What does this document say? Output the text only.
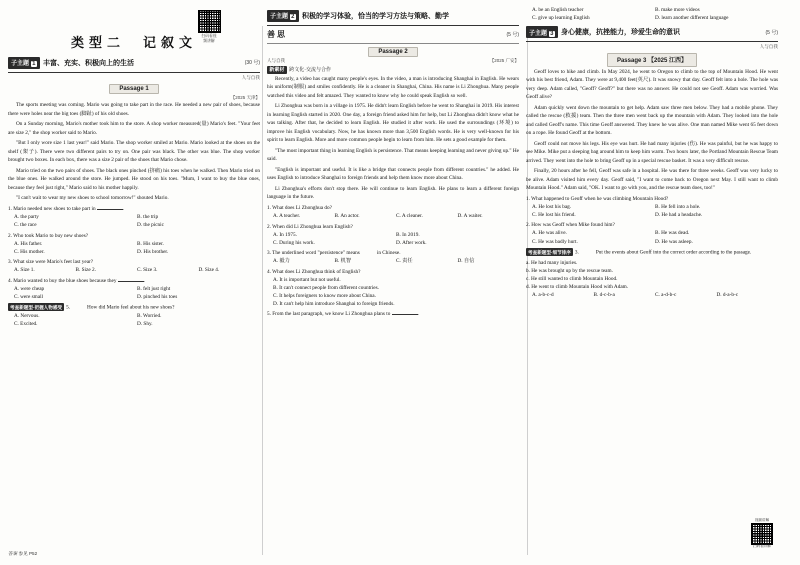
扫码看视
频讲解
类型二　记叙文
子主题 1	丰富、充实、积极向上的生活	(30 号)
人与自我
Passage 1
【2025 天津】

The sports meeting was coming. Mario was going to take part in the race. He needed a new pair of shoes, because there were holes near the big toes (脚趾) of his old shoes.

On a Sunday morning, Mario's mother took him to the store. A shop worker measured(量) Mario's feet. "Your feet are size 2," the shop worker said to Mario.

"But I only wore size 1 last year!" said Mario. The shop worker smiled at Mario. Mario looked at the shoes on the shelf (架子). There were two different pairs to try on. One pair was black. The other was blue. The shop worker brought two boxes. In each box, there was a size 2 pair of the shoes that Mario chose.

Mario tried on the two pairs of shoes. The black ones pinched (挤痛) his toes when he walked. Then Mario tried on the blue ones. He walked around the store. He jumped. He stood on his toes. "Mum, I want to buy the blue ones, because they feel just right," Mario said to his mother happily.

"I can't wait to wear my new shoes to school tomorrow!" shouted Mario.

1. Mario needed new shoes to take part in	.
A. the party	B. the trip
C. the race	D. the picnic
2. Who took Mario to buy new shoes?
A. His father.	B. His sister.
C. His mother.	D. His brother.
3. What size were Mario's feet last year?
A. Size 1.	B. Size 2.	C. Size 3.	D. Size 4.
4. Mario wanted to buy the blue shoes because they	.
A. were cheap	B. felt just right
C. were small	D. pinched his toes
考查新题型·把握人物感受 5.　　　 How did Mario feel about his new shoes?
A. Nervous.	B. Worried.
C. Excited.	D. Shy.
答案 参见 P52
子主题 2	积极的学习体验，恰当的学习方法与策略、勤学
善思	(5 号)
Passage 2
人与自我	【2025 广安】
新素材 跨文化·交流与合作

Recently, a video has caught many people's eyes. In the video, a man is introducing Shanghai in English. He wears his uniform(制服) and smiles confidently. He is a cleaner in Shanghai, China. His name is Li Zhonghua. Many people watched this video and felt amazed. They wanted to know why he could speak English so well.

Li Zhonghua was born in a village in 1975. He didn't learn English before he went to Shanghai in 2019. His interest in learning English started in 2020. One day, a foreign friend asked him for help, but Li Zhonghua didn't know what he was talking. After that, he decided to learn English. He studied it after work. He used the surroundings (环境) to improve his English vocabulary. Now, he has known more than 3,500 English words. He is very well-known for his spirit to learn English. More and more common people begin to learn from him. He sets a good example for them.

"The most important thing in learning English is persistence. That means keeping learning and never giving up." He said.

"English is important and useful. It is like a bridge that connects people from different countries." he added. He uses English to introduce Shanghai to foreign friends and help them know more about China.

Li Zhonghua's efforts don't stop there. He will continue to learn English. He plans to learn a different foreign language in the future.

1. What does Li Zhonghua do?
A. A teacher.	B. An actor.	C. A cleaner.	D. A waiter.
2. When did Li Zhonghua learn English?
A. In 1975.	B. In 2019.
C. During his work.	D. After work.
3. The underlined word "persistence" means　　　 in Chinese.
A. 毅力	B. 机智	C. 责任	D. 自信
4. What does Li Zhonghua think of English?
A. It is important but not useful.
B. It can't connect people from different countries.
C. It helps foreigners to know more about China.
D. It can't help him introduce Shanghai to foreign friends.
5. From the last paragraph, we know Li Zhonghua plans to	.
A. be an English teacher	B. make more videos
C. give up learning English	D. learn another different language
子主题 3	身心健康，抗挫能力，珍爱生命的意识	(5 号)
人与自我
Passage 3 【2025 江西】

Geoff loves to hike and climb. In May 2024, he went to Oregon to climb to the top of Mountain Hood. He went with his best friend, Adam. They were at 9,400 feet(英尺). It was snowy that day. Geoff felt into a hole. The hole was very deep. Adam called, "Geoff? Geoff?" but there was no answer. He could not see Geoff. Adam was worried. Was Geoff alive?

Adam quickly went down the mountain to get help. Adam saw three men below. They had a mobile phone. They called the rescue (救援) team. Then the three men went back up the mountain with Adam. They looked into the hole and called Geoff's name. This time Geoff answered. They knew he was alive. One man named Mike went 65 feet down on a rope. He found Geoff at the bottom.

Geoff could not move his legs. His eye was hurt. He had many injuries (伤). He was painful, but he was happy to see Mike. Mike put a sleeping bag around him to keep him warm. Two hours later, the Portland Mountain Rescue Team arrived. They went into the hole to bring Geoff up in a special rescue basket. It was a very difficult rescue.

Finally, 20 hours after he fell, Geoff was safe in a hospital. He was there for three weeks. Geoff was very lucky to be alive. Adam visited him every day. Geoff said, "I want to come back to Oregon next May. I still want to climb Mountain Hood." Adam said, "OK. I want to go with you, and the rescue team does, too!"

1. What happened to Geoff when he was climbing Mountain Hood?
A. He lost his bag.	B. He fell into a hole.
C. He lost his friend.	D. He had a headache.
2. How was Geoff when Mike found him?
A. He was alive.	B. He was dead.
C. He was badly hurt.	D. He was asleep.
考查新题型·细节排序 3.　　　 Put the events about Geoff into the correct order according to the passage.
a. He had many injuries.
b. He was brought up by the rescue team.
c. He still wanted to climb Mountain Hood.
d. He went to climb Mountain Hood with Adam.
A. a-b-c-d	B. d-c-b-a	C. a-d-b-c	D. d-a-b-c
视频讲解
扫码看详解
